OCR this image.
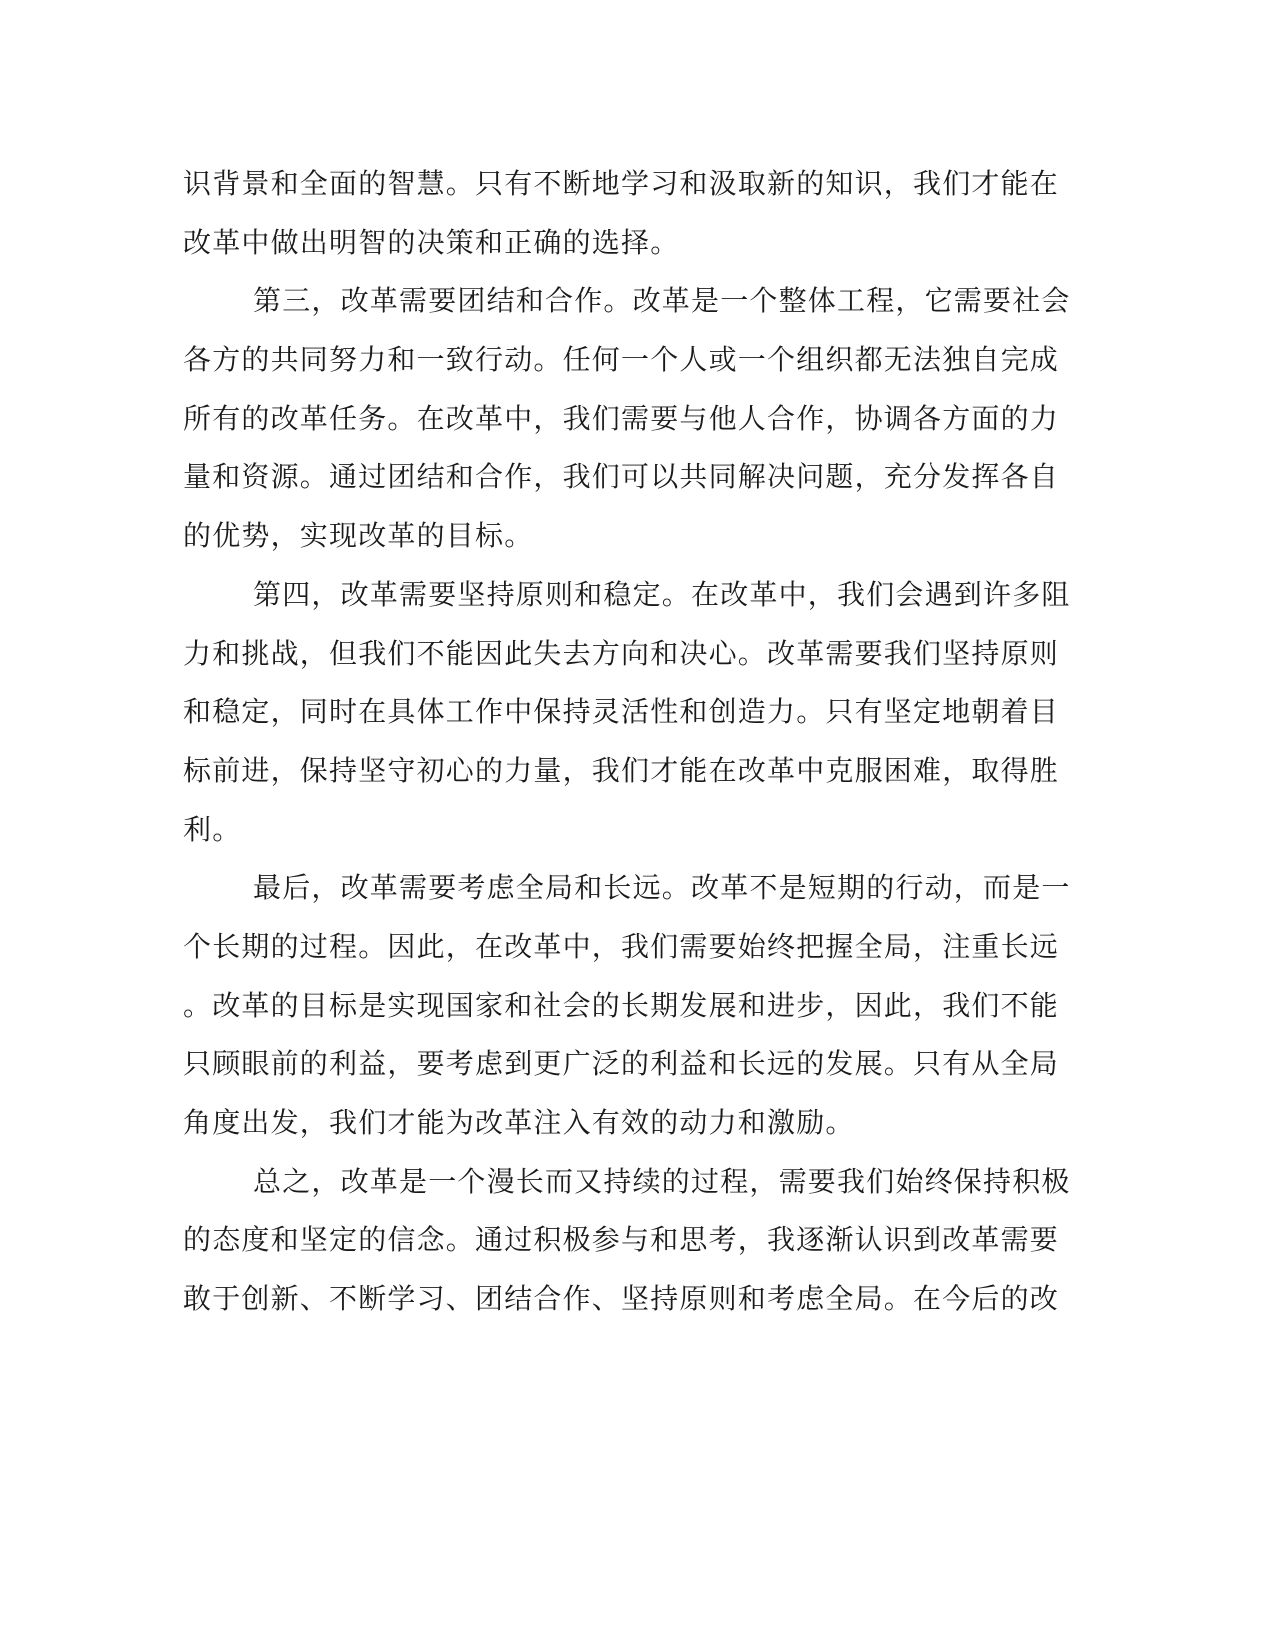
识背景和全面的智慧。只有不断地学习和汲取新的知识，我们才能在
改革中做出明智的决策和正确的选择。
第三，改革需要团结和合作。改革是一个整体工程，它需要社会
各方的共同努力和一致行动。任何一个人或一个组织都无法独自完成
所有的改革任务。在改革中，我们需要与他人合作，协调各方面的力
量和资源。通过团结和合作，我们可以共同解决问题，充分发挥各自
的优势，实现改革的目标。
第四，改革需要坚持原则和稳定。在改革中，我们会遇到许多阻
力和挑战，但我们不能因此失去方向和决心。改革需要我们坚持原则
和稳定，同时在具体工作中保持灵活性和创造力。只有坚定地朝着目
标前进，保持坚守初心的力量，我们才能在改革中克服困难，取得胜
利。
最后，改革需要考虑全局和长远。改革不是短期的行动，而是一
个长期的过程。因此，在改革中，我们需要始终把握全局，注重长远
。改革的目标是实现国家和社会的长期发展和进步，因此，我们不能
只顾眼前的利益，要考虑到更广泛的利益和长远的发展。只有从全局
角度出发，我们才能为改革注入有效的动力和激励。
总之，改革是一个漫长而又持续的过程，需要我们始终保持积极
的态度和坚定的信念。通过积极参与和思考，我逐渐认识到改革需要
敢于创新、不断学习、团结合作、坚持原则和考虑全局。在今后的改
